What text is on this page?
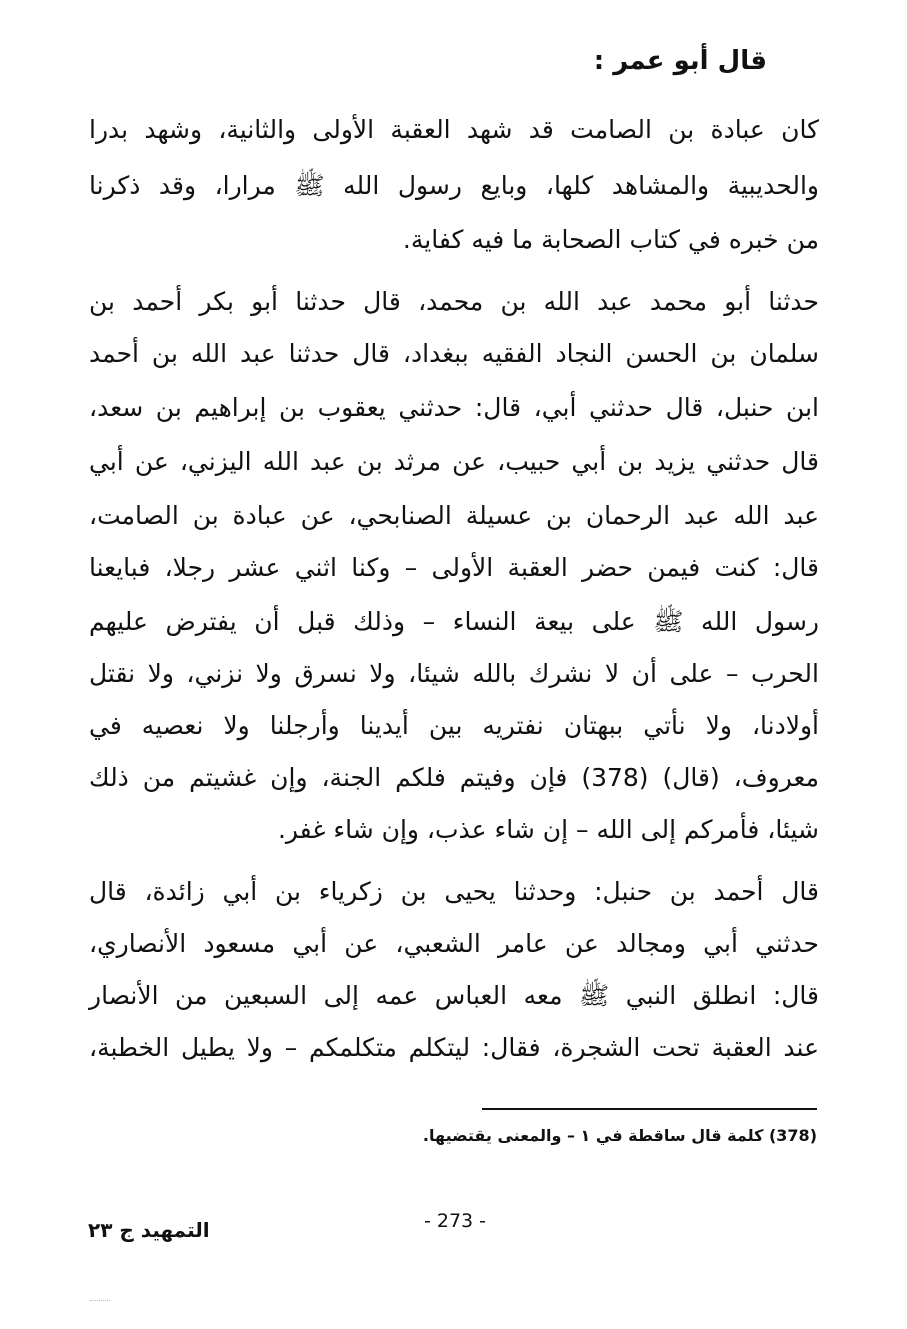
قال أبو عمر :
كان عبادة بن الصامت قد شهد العقبة الأولى والثانية، وشهد بدرا
والحديبية والمشاهد كلها، وبايع رسول الله ﷺ مرارا، وقد ذكرنا
من خبره في كتاب الصحابة ما فيه كفاية.
حدثنا أبو محمد عبد الله بن محمد، قال حدثنا أبو بكر أحمد بن
سلمان بن الحسن النجاد الفقيه ببغداد، قال حدثنا عبد الله بن أحمد
ابن حنبل، قال حدثني أبي، قال: حدثني يعقوب بن إبراهيم بن سعد،
قال حدثني يزيد بن أبي حبيب، عن مرثد بن عبد الله اليزني، عن أبي
عبد الله عبد الرحمان بن عسيلة الصنابحي، عن عبادة بن الصامت،
قال: كنت فيمن حضر العقبة الأولى – وكنا اثني عشر رجلا، فبايعنا
رسول الله ﷺ على بيعة النساء – وذلك قبل أن يفترض عليهم
الحرب – على أن لا نشرك بالله شيئا، ولا نسرق ولا نزني، ولا نقتل
أولادنا، ولا نأتي ببهتان نفتريه بين أيدينا وأرجلنا ولا نعصيه في
معروف، (قال) (378) فإن وفيتم فلكم الجنة، وإن غشيتم من ذلك
شيئا، فأمركم إلى الله – إن شاء عذب، وإن شاء غفر.
قال أحمد بن حنبل: وحدثنا يحيى بن زكرياء بن أبي زائدة، قال
حدثني أبي ومجالد عن عامر الشعبي، عن أبي مسعود الأنصاري،
قال: انطلق النبي ﷺ معه العباس عمه إلى السبعين من الأنصار
عند العقبة تحت الشجرة، فقال: ليتكلم متكلمكم – ولا يطيل الخطبة،
(378) كلمة قال ساقطة في ١ – والمعنى يقتضيها.
- 273 -
التمهيد ج ٢٣
